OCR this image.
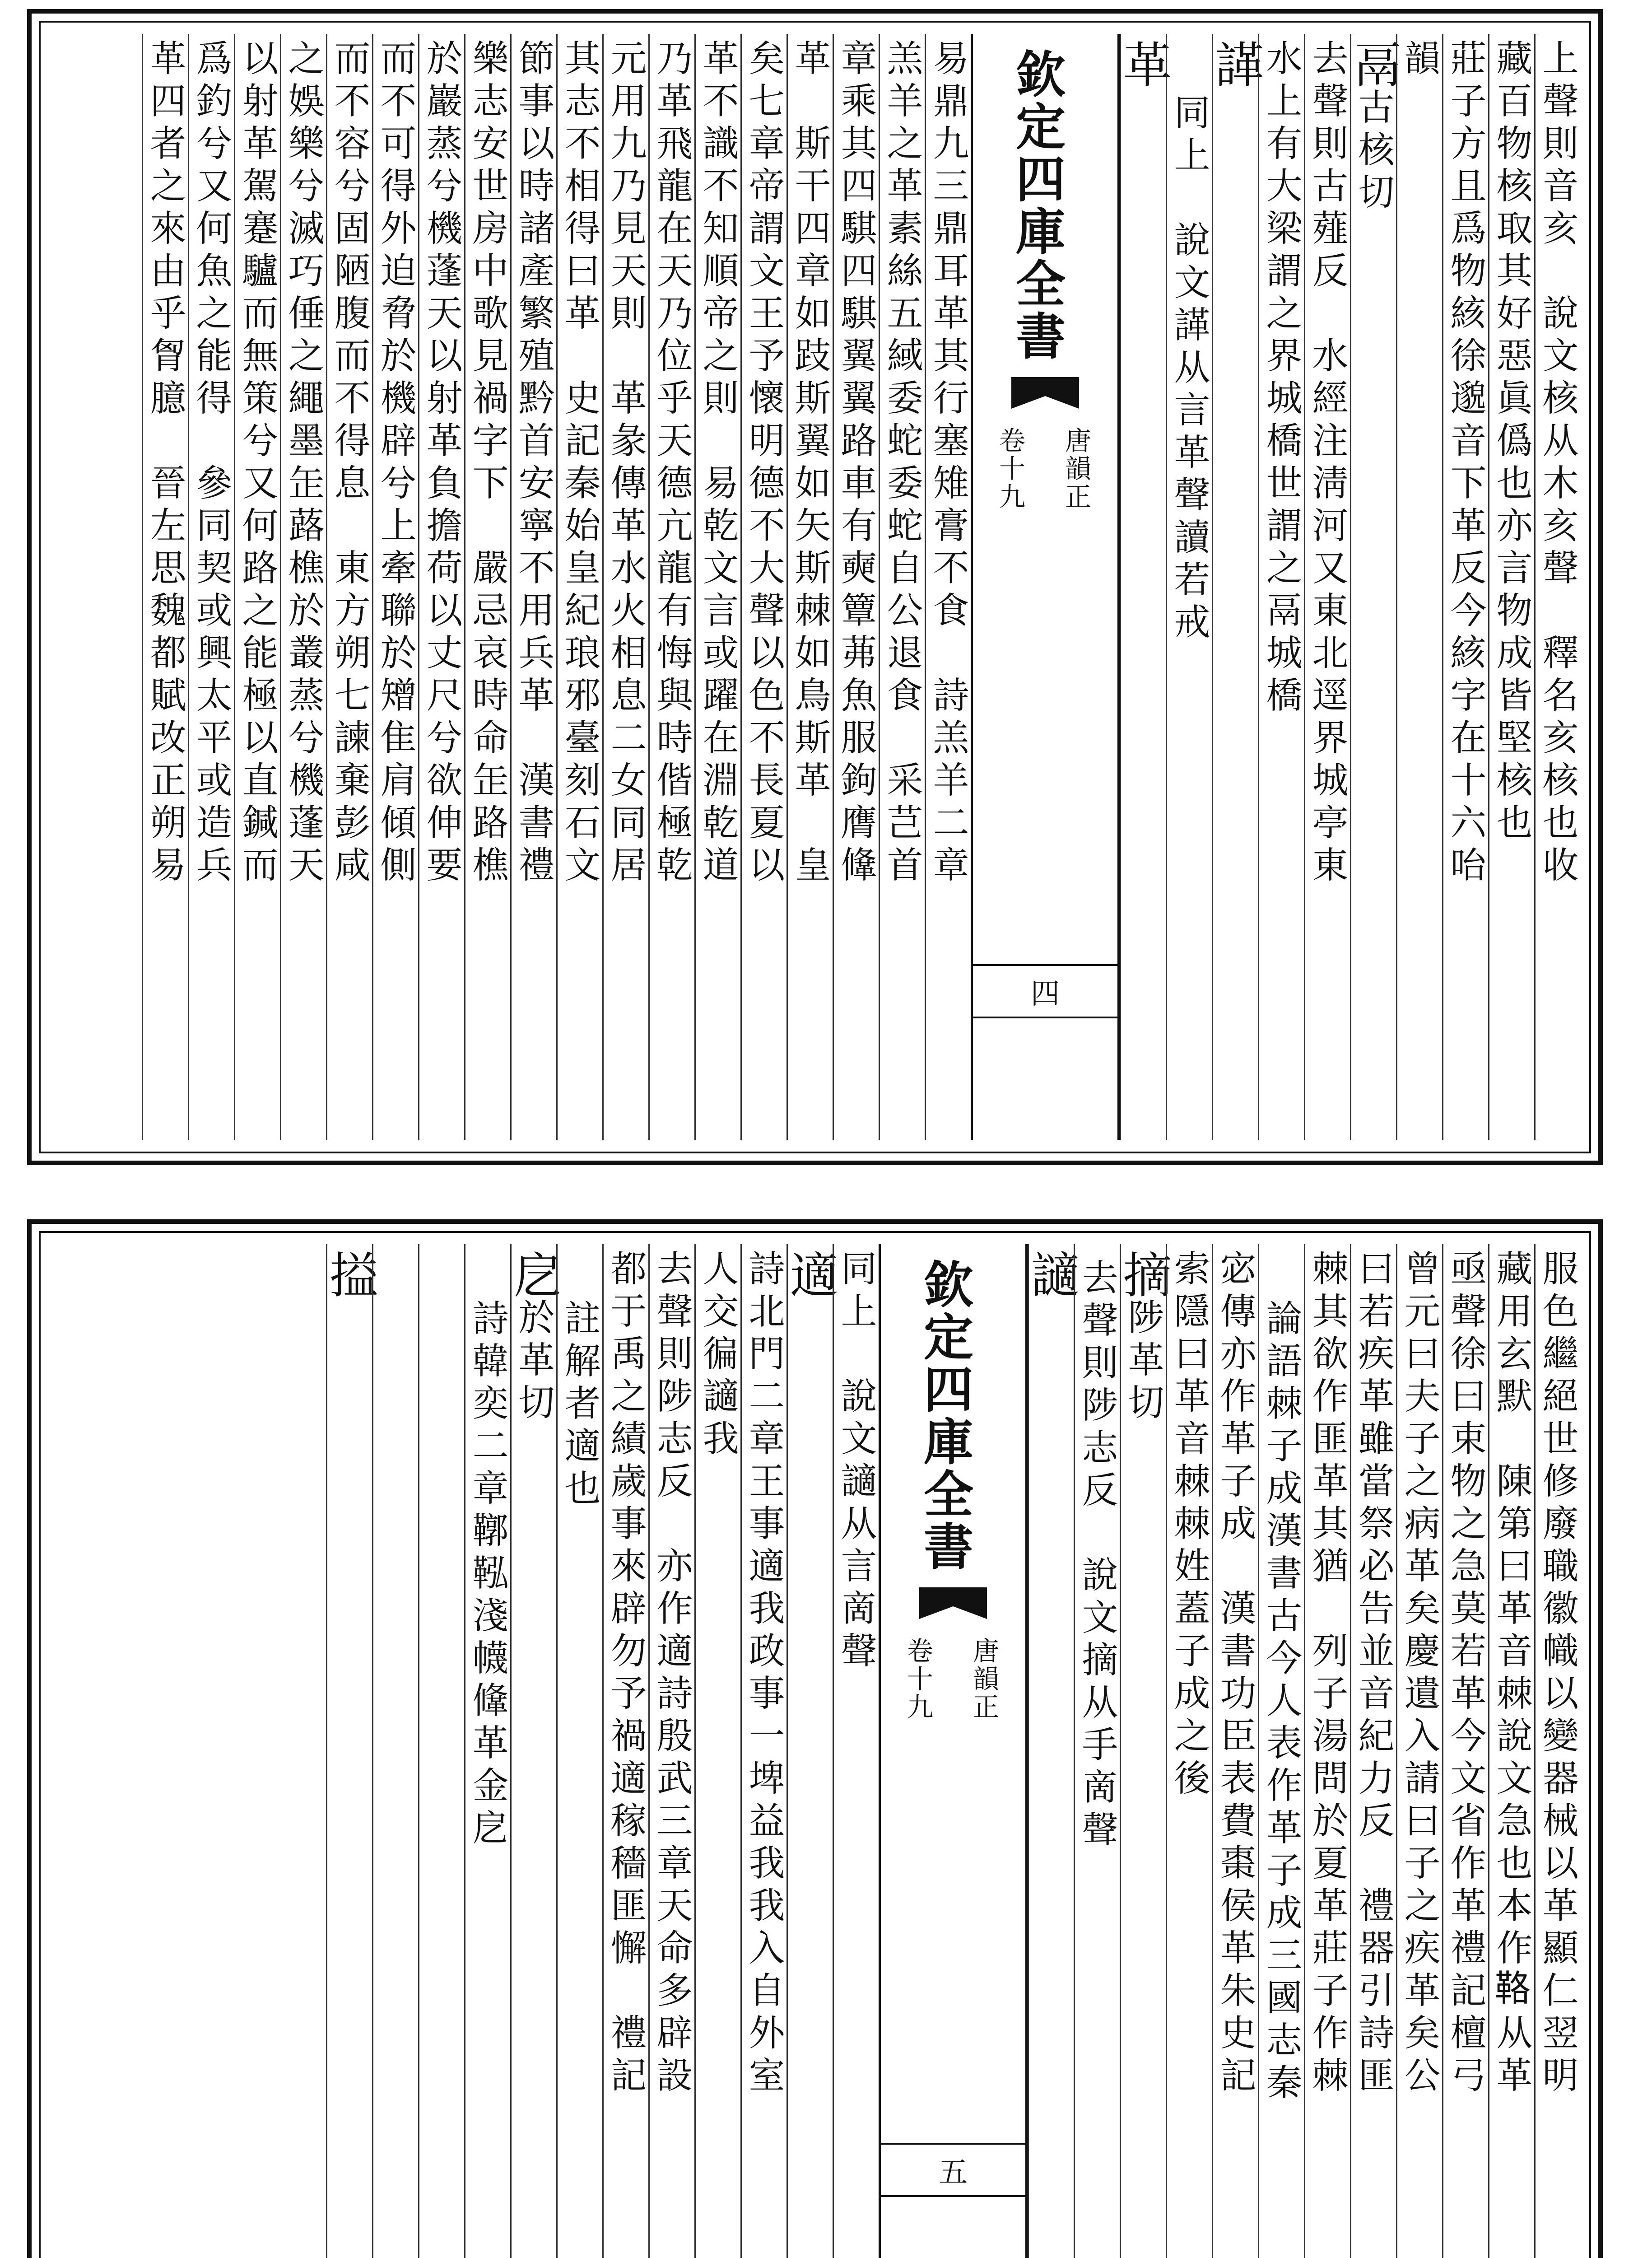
上聲則音亥　說文核从木亥聲　釋名亥核也收
藏百物核取其好惡眞僞也亦言物成皆堅核也
莊子方且爲物絯徐邈音下革反今絯字在十六咍
韻
鬲古核切
去聲則古薤反　水經注淸河又東北逕界城亭東
水上有大梁謂之界城橋世謂之鬲城橋
諽
同上　說文諽从言革聲讀若戒
革
欽定四庫全書
卷十九 唐韻正
四
易鼎九三鼎耳革其行塞雉膏不食　詩羔羊二章
羔羊之革素絲五緎委蛇委蛇自公退食　采芑首
章乘其四騏四騏翼翼路車有奭簟茀魚服鉤膺鞗
革　斯干四章如跂斯翼如矢斯棘如鳥斯革　皇
矣七章帝謂文王予懷明德不大聲以色不長夏以
革不識不知順帝之則　易乾文言或躍在淵乾道
乃革飛龍在天乃位乎天德亢龍有悔與時偕極乾
元用九乃見天則　革彖傳革水火相息二女同居
其志不相得曰革　史記秦始皇紀琅邪臺刻石文
節事以時諸產繁殖黔首安寧不用兵革　漢書禮
樂志安世房中歌見禍字下　嚴忌哀時命𦈢路樵
於巖蒸兮機蓬天以射革負擔荷以丈尺兮欲伸要
而不可得外迫脅於機辟兮上牽聯於矰隹肩傾側
而不容兮固陋腹而不得息　東方朔七諫棄彭咸
之娛樂兮滅巧倕之繩墨𦈢蕗樵於叢蒸兮機蓬天
以射革駕蹇驢而無策兮又何路之能極以直鍼而
爲釣兮又何魚之能得　參同契或興太平或造兵
革四者之來由乎胷臆　晉左思魏都賦改正朔易
服色繼絕世修廢職徽幟以變器械以革顯仁翌明
藏用玄默　陳第曰革音棘說文急也本作𩊚从革
亟聲徐曰束物之急莫若革今文省作革禮記檀弓
曾元曰夫子之病革矣慶遺入請曰子之疾革矣公
曰若疾革雖當祭必告並音紀力反　禮器引詩匪
棘其欲作匪革其猶　列子湯問於夏革莊子作棘
論語棘子成漢書古今人表作革子成三國志秦
宓傳亦作革子成　漢書功臣表費棗侯革朱史記
索隱曰革音棘棘姓蓋子成之後
摘陟革切
去聲則陟志反　說文摘从手啇聲
讁
欽定四庫全書
卷十九 唐韻正
五
同上　說文讁从言啇聲
適
詩北門二章王事適我政事一埤益我我入自外室
人交徧讁我
去聲則陟志反　亦作適詩殷武三章天命多辟設
都于禹之績歲事來辟勿予禍適稼穡匪懈　禮記
註解者適也
戹於革切
詩韓奕二章鞹鞃淺幭鞗革金戹
搤
